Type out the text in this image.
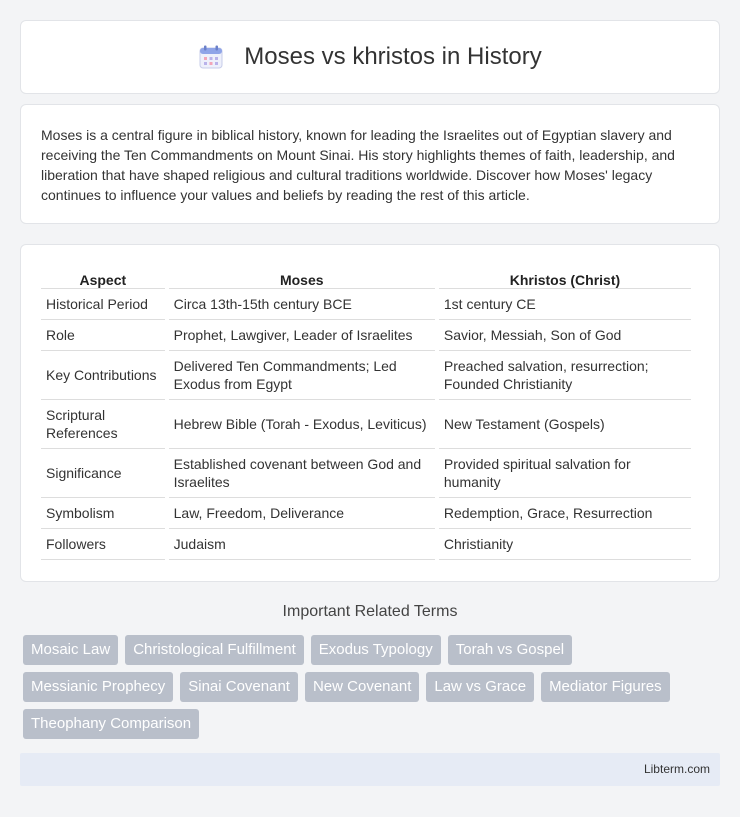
Moses vs khristos in History

Moses is a central figure in biblical history, known for leading the Israelites out of Egyptian slavery and receiving the Ten Commandments on Mount Sinai. His story highlights themes of faith, leadership, and liberation that have shaped religious and cultural traditions worldwide. Discover how Moses' legacy continues to influence your values and beliefs by reading the rest of this article.

Aspect	Moses	Khristos (Christ)
Historical Period	Circa 13th-15th century BCE	1st century CE
Role	Prophet, Lawgiver, Leader of Israelites	Savior, Messiah, Son of God
Key Contributions	Delivered Ten Commandments; Led Exodus from Egypt	Preached salvation, resurrection; Founded Christianity
Scriptural References	Hebrew Bible (Torah - Exodus, Leviticus)	New Testament (Gospels)
Significance	Established covenant between God and Israelites	Provided spiritual salvation for humanity
Symbolism	Law, Freedom, Deliverance	Redemption, Grace, Resurrection
Followers	Judaism	Christianity
Important Related Terms
Mosaic Law	Christological Fulfillment	Exodus Typology	Torah vs Gospel
Messianic Prophecy	Sinai Covenant	New Covenant	Law vs Grace	Mediator Figures
Theophany Comparison
Libterm.com
